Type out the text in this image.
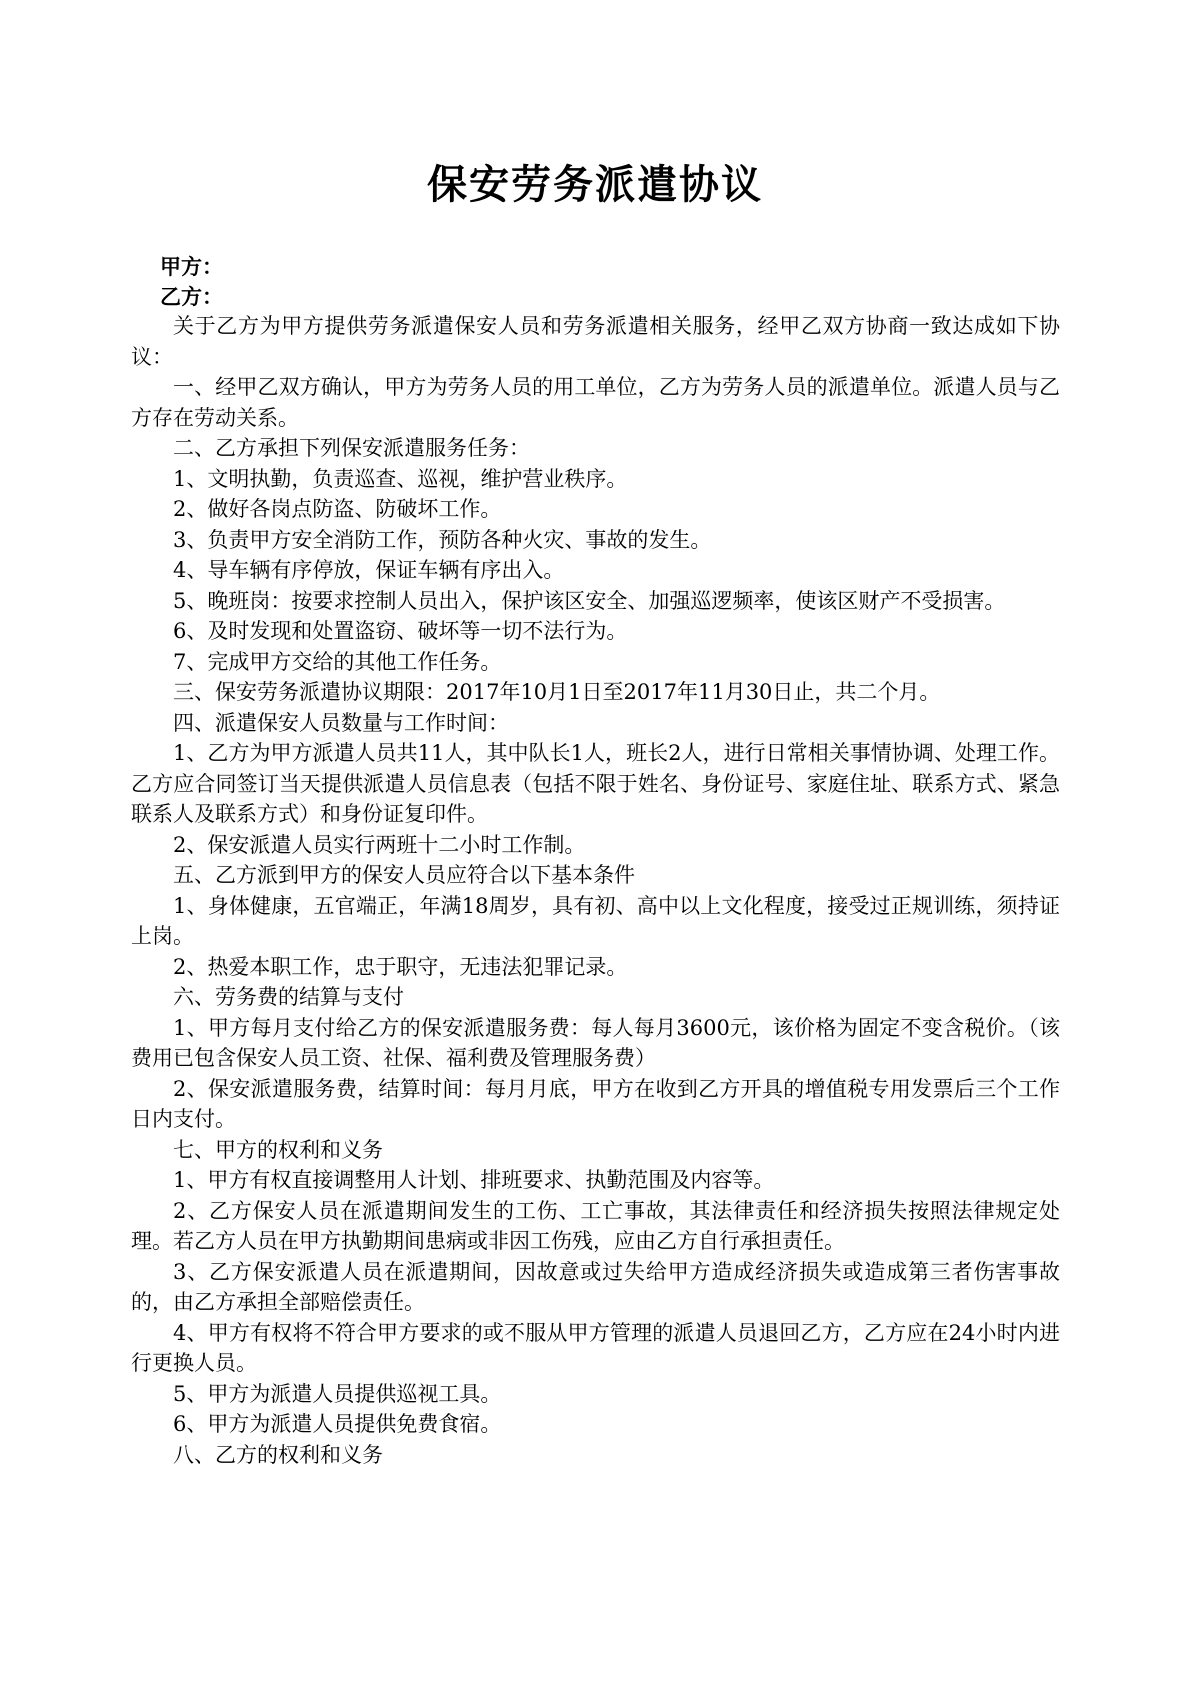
保安劳务派遣协议
甲方：
乙方：

关于乙方为甲方提供劳务派遣保安人员和劳务派遣相关服务，经甲乙双方协商一致达成如下协议：

一、经甲乙双方确认，甲方为劳务人员的用工单位，乙方为劳务人员的派遣单位。派遣人员与乙方存在劳动关系。

二、乙方承担下列保安派遣服务任务：

1、文明执勤，负责巡查、巡视，维护营业秩序。

2、做好各岗点防盗、防破坏工作。

3、负责甲方安全消防工作，预防各种火灾、事故的发生。

4、导车辆有序停放，保证车辆有序出入。

5、晚班岗：按要求控制人员出入，保护该区安全、加强巡逻频率，使该区财产不受损害。

6、及时发现和处置盗窃、破坏等一切不法行为。

7、完成甲方交给的其他工作任务。

三、保安劳务派遣协议期限：2017年10月1日至2017年11月30日止，共二个月。

四、派遣保安人员数量与工作时间：

1、乙方为甲方派遣人员共11人，其中队长1人，班长2人，进行日常相关事情协调、处理工作。乙方应合同签订当天提供派遣人员信息表（包括不限于姓名、身份证号、家庭住址、联系方式、紧急联系人及联系方式）和身份证复印件。

2、保安派遣人员实行两班十二小时工作制。

五、乙方派到甲方的保安人员应符合以下基本条件

1、身体健康，五官端正，年满18周岁，具有初、高中以上文化程度，接受过正规训练，须持证上岗。

2、热爱本职工作，忠于职守，无违法犯罪记录。

六、劳务费的结算与支付

1、甲方每月支付给乙方的保安派遣服务费：每人每月3600元，该价格为固定不变含税价。（该费用已包含保安人员工资、社保、福利费及管理服务费）

2、保安派遣服务费，结算时间：每月月底，甲方在收到乙方开具的增值税专用发票后三个工作日内支付。

七、甲方的权利和义务

1、甲方有权直接调整用人计划、排班要求、执勤范围及内容等。

2、乙方保安人员在派遣期间发生的工伤、工亡事故，其法律责任和经济损失按照法律规定处理。若乙方人员在甲方执勤期间患病或非因工伤残，应由乙方自行承担责任。

3、乙方保安派遣人员在派遣期间，因故意或过失给甲方造成经济损失或造成第三者伤害事故的，由乙方承担全部赔偿责任。

4、甲方有权将不符合甲方要求的或不服从甲方管理的派遣人员退回乙方，乙方应在24小时内进行更换人员。

5、甲方为派遣人员提供巡视工具。

6、甲方为派遣人员提供免费食宿。

八、乙方的权利和义务
